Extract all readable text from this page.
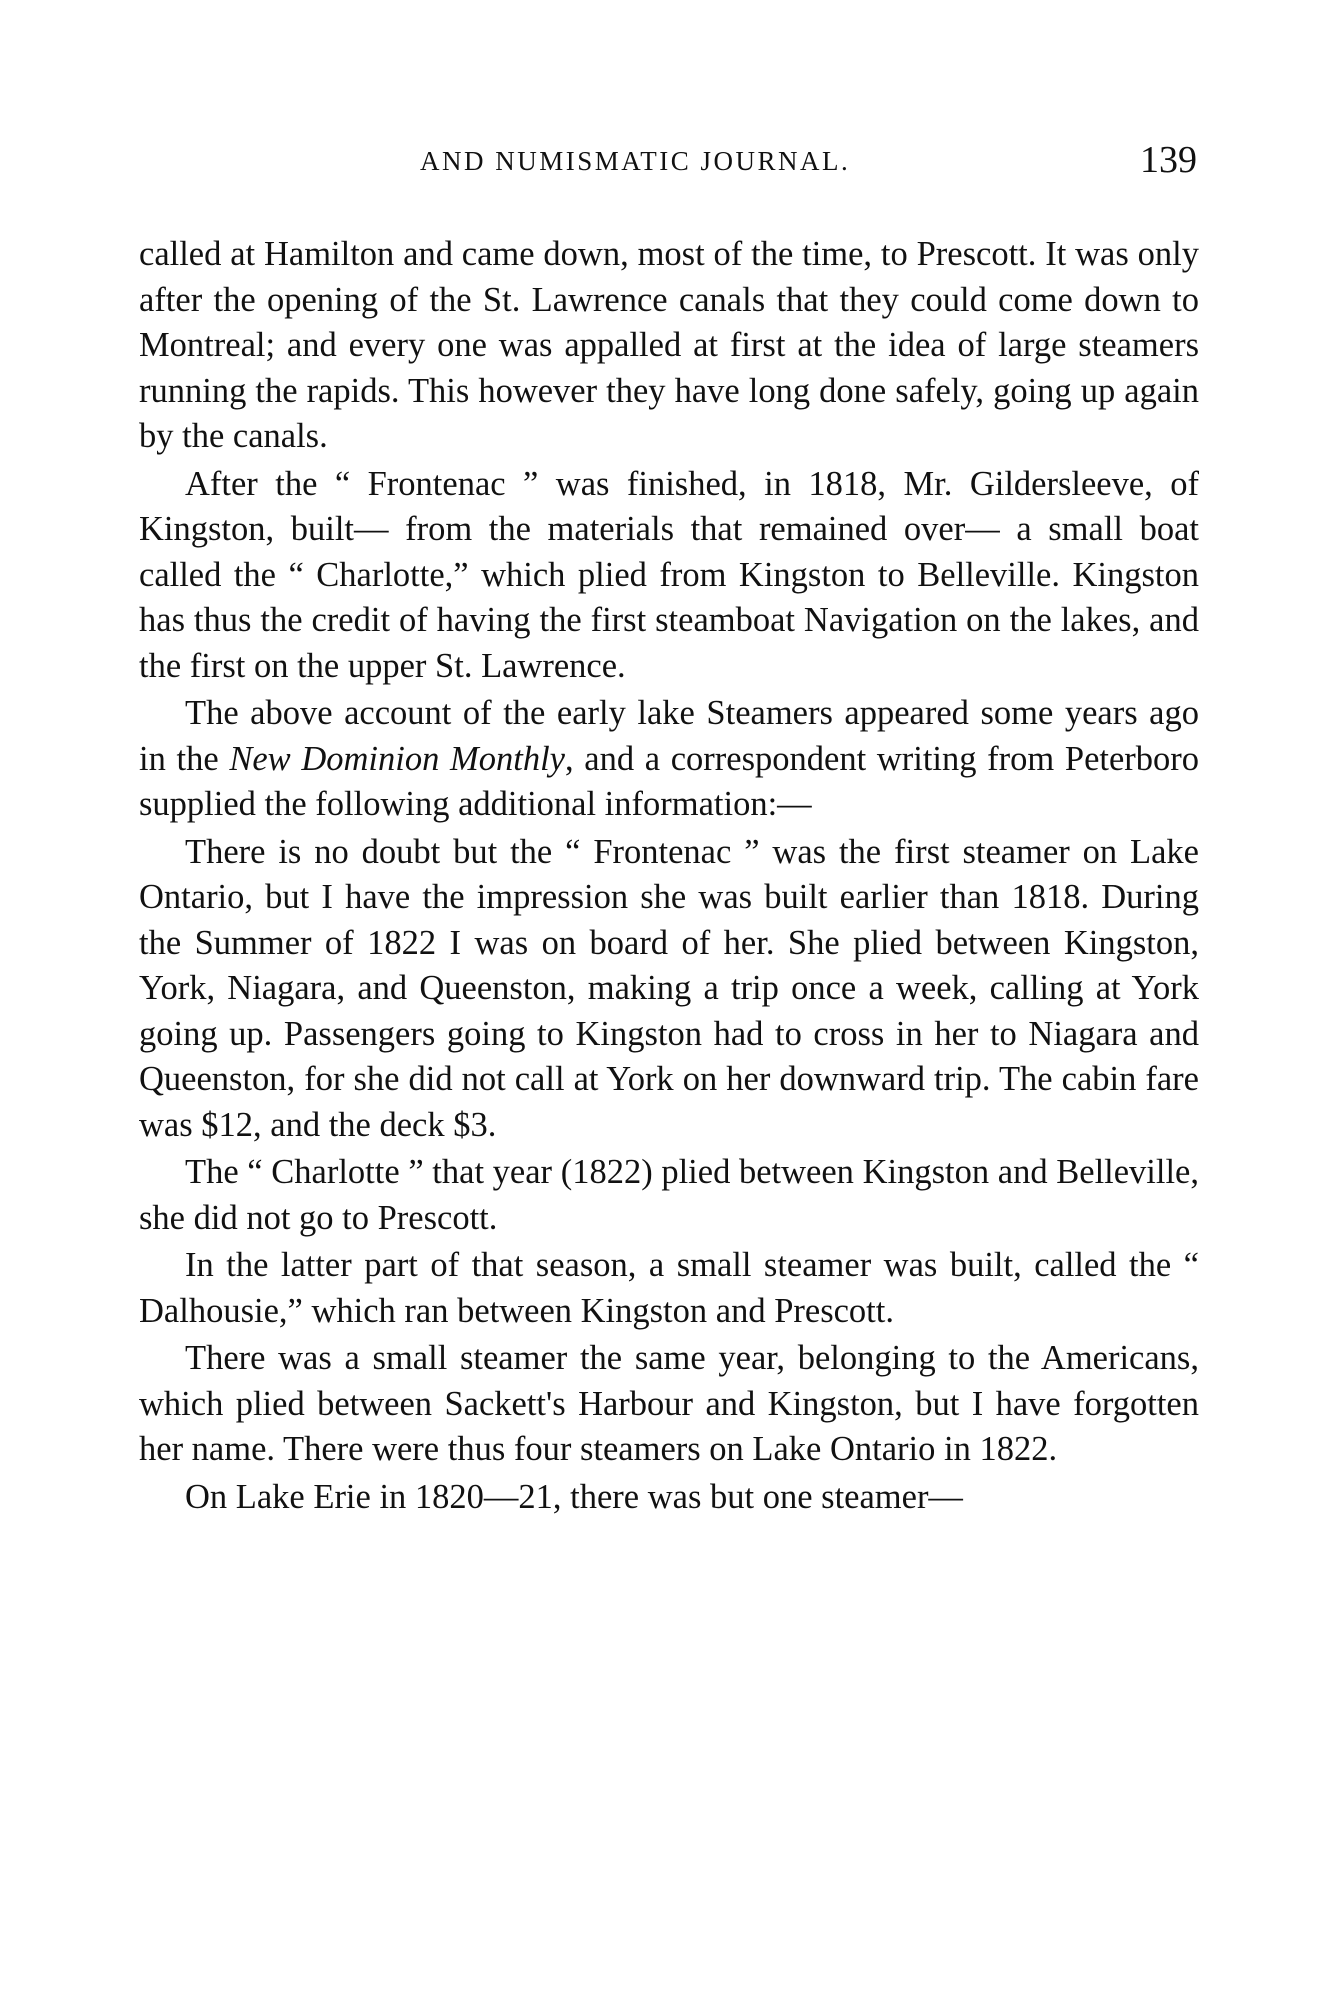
AND NUMISMATIC JOURNAL.	139

called at Hamilton and came down, most of the time, to Prescott. It was only after the opening of the St. Lawrence canals that they could come down to Montreal; and every one was appalled at first at the idea of large steamers running the rapids. This however they have long done safely, going up again by the canals.

After the “ Frontenac ” was finished, in 1818, Mr. Gildersleeve, of Kingston, built— from the materials that remained over— a small boat called the “ Charlotte,” which plied from Kingston to Belleville. Kingston has thus the credit of having the first steamboat Navigation on the lakes, and the first on the upper St. Lawrence.

The above account of the early lake Steamers appeared some years ago in the New Dominion Monthly, and a correspondent writing from Peterboro supplied the following additional information:—

There is no doubt but the “ Frontenac ” was the first steamer on Lake Ontario, but I have the impression she was built earlier than 1818. During the Summer of 1822 I was on board of her. She plied between Kingston, York, Niagara, and Queenston, making a trip once a week, calling at York going up. Passengers going to Kingston had to cross in her to Niagara and Queenston, for she did not call at York on her downward trip. The cabin fare was $12, and the deck $3.

The “ Charlotte ” that year (1822) plied between Kingston and Belleville, she did not go to Prescott.

In the latter part of that season, a small steamer was built, called the “ Dalhousie,” which ran between Kingston and Prescott.

There was a small steamer the same year, belonging to the Americans, which plied between Sackett's Harbour and Kingston, but I have forgotten her name. There were thus four steamers on Lake Ontario in 1822.

On Lake Erie in 1820—21, there was but one steamer—
